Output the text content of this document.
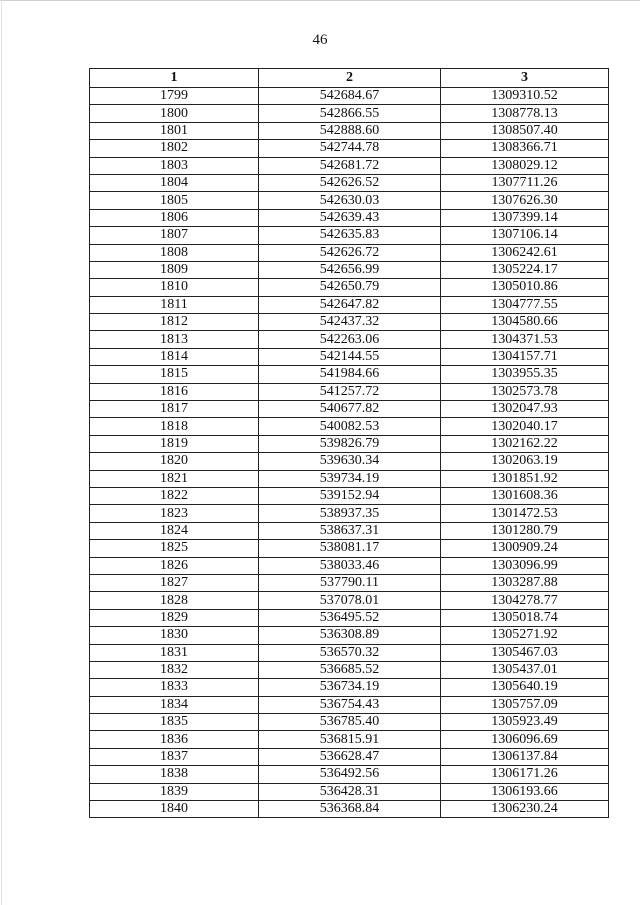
46
1	2	3
1799	542684.67	1309310.52
1800	542866.55	1308778.13
1801	542888.60	1308507.40
1802	542744.78	1308366.71
1803	542681.72	1308029.12
1804	542626.52	1307711.26
1805	542630.03	1307626.30
1806	542639.43	1307399.14
1807	542635.83	1307106.14
1808	542626.72	1306242.61
1809	542656.99	1305224.17
1810	542650.79	1305010.86
1811	542647.82	1304777.55
1812	542437.32	1304580.66
1813	542263.06	1304371.53
1814	542144.55	1304157.71
1815	541984.66	1303955.35
1816	541257.72	1302573.78
1817	540677.82	1302047.93
1818	540082.53	1302040.17
1819	539826.79	1302162.22
1820	539630.34	1302063.19
1821	539734.19	1301851.92
1822	539152.94	1301608.36
1823	538937.35	1301472.53
1824	538637.31	1301280.79
1825	538081.17	1300909.24
1826	538033.46	1303096.99
1827	537790.11	1303287.88
1828	537078.01	1304278.77
1829	536495.52	1305018.74
1830	536308.89	1305271.92
1831	536570.32	1305467.03
1832	536685.52	1305437.01
1833	536734.19	1305640.19
1834	536754.43	1305757.09
1835	536785.40	1305923.49
1836	536815.91	1306096.69
1837	536628.47	1306137.84
1838	536492.56	1306171.26
1839	536428.31	1306193.66
1840	536368.84	1306230.24
